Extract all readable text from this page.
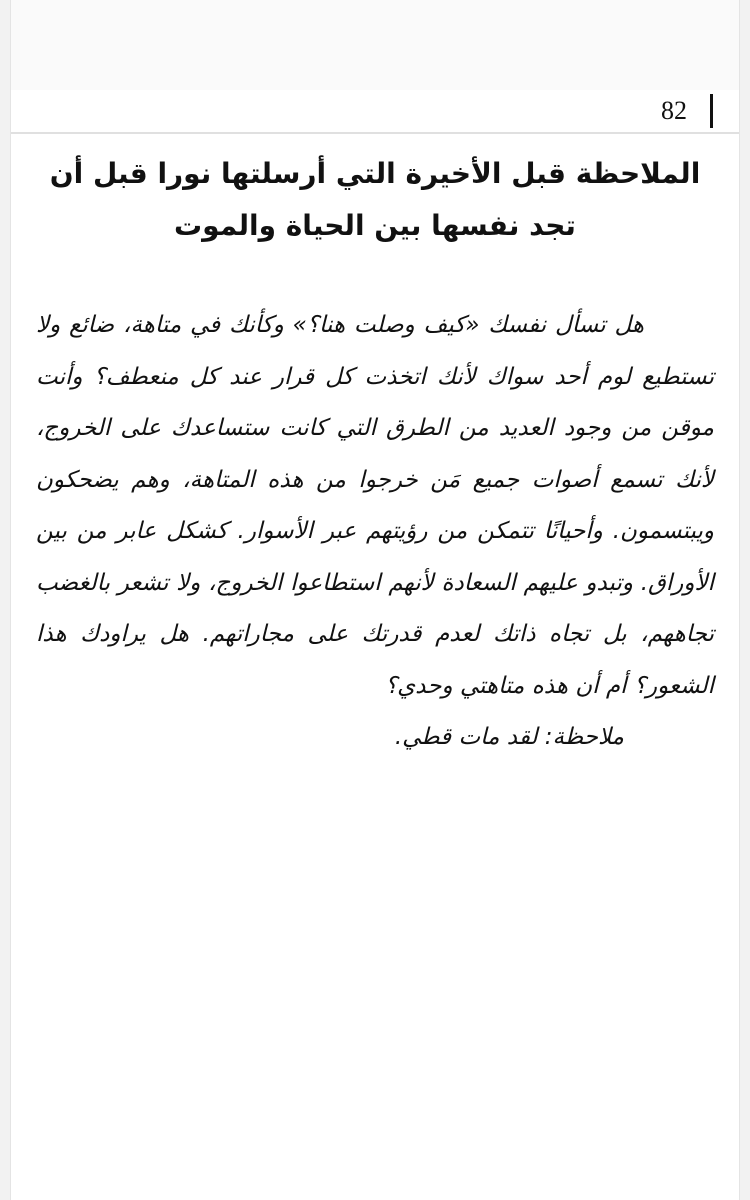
82
الملاحظة قبل الأخيرة التي أرسلتها نورا قبل أن تجد نفسها بين الحياة والموت

هل تسأل نفسك «كيف وصلت هنا؟» وكأنك في متاهة، ضائع ولا تستطيع لوم أحد سواك لأنك اتخذت كل قرار عند كل منعطف؟ وأنت موقن من وجود العديد من الطرق التي كانت ستساعدك على الخروج، لأنك تسمع أصوات جميع مَن خرجوا من هذه المتاهة، وهم يضحكون ويبتسمون. وأحيانًا تتمكن من رؤيتهم عبر الأسوار. كشكل عابر من بين الأوراق. وتبدو عليهم السعادة لأنهم استطاعوا الخروج، ولا تشعر بالغضب تجاههم، بل تجاه ذاتك لعدم قدرتك على مجاراتهم. هل يراودك هذا الشعور؟ أم أن هذه متاهتي وحدي؟

ملاحظة: لقد مات قطي.
